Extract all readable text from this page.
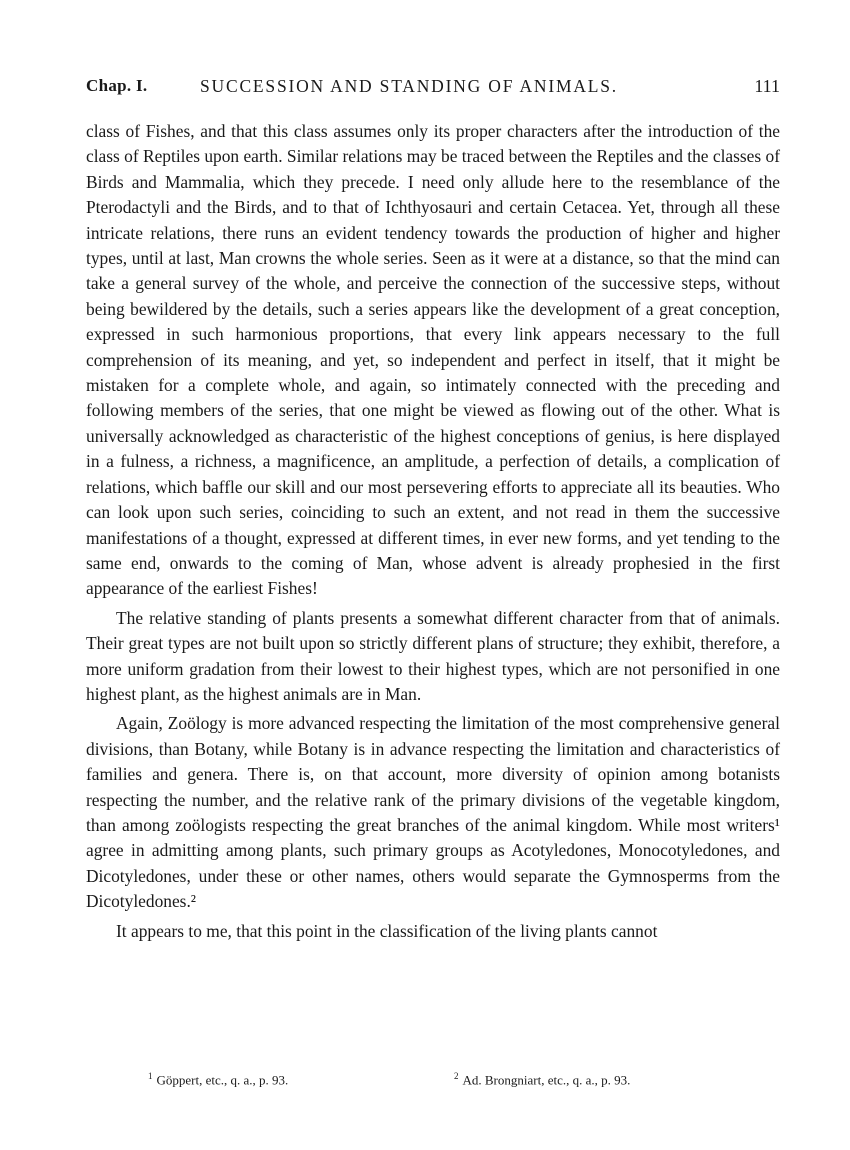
Chap. I.	SUCCESSION AND STANDING OF ANIMALS.	111

class of Fishes, and that this class assumes only its proper characters after the introduction of the class of Reptiles upon earth. Similar relations may be traced between the Reptiles and the classes of Birds and Mammalia, which they precede. I need only allude here to the resemblance of the Pterodactyli and the Birds, and to that of Ichthyosauri and certain Cetacea. Yet, through all these intricate relations, there runs an evident tendency towards the production of higher and higher types, until at last, Man crowns the whole series. Seen as it were at a distance, so that the mind can take a general survey of the whole, and perceive the connection of the successive steps, without being bewildered by the details, such a series appears like the development of a great conception, expressed in such harmonious proportions, that every link appears necessary to the full comprehension of its meaning, and yet, so independent and perfect in itself, that it might be mistaken for a complete whole, and again, so intimately connected with the preceding and following members of the series, that one might be viewed as flowing out of the other. What is universally acknowledged as characteristic of the highest conceptions of genius, is here displayed in a fulness, a richness, a magnificence, an amplitude, a perfection of details, a complication of relations, which baffle our skill and our most persevering efforts to appreciate all its beauties. Who can look upon such series, coinciding to such an extent, and not read in them the successive manifestations of a thought, expressed at different times, in ever new forms, and yet tending to the same end, onwards to the coming of Man, whose advent is already prophesied in the first appearance of the earliest Fishes!

The relative standing of plants presents a somewhat different character from that of animals. Their great types are not built upon so strictly different plans of structure; they exhibit, therefore, a more uniform gradation from their lowest to their highest types, which are not personified in one highest plant, as the highest animals are in Man.

Again, Zoölogy is more advanced respecting the limitation of the most comprehensive general divisions, than Botany, while Botany is in advance respecting the limitation and characteristics of families and genera. There is, on that account, more diversity of opinion among botanists respecting the number, and the relative rank of the primary divisions of the vegetable kingdom, than among zoölogists respecting the great branches of the animal kingdom. While most writers¹ agree in admitting among plants, such primary groups as Acotyledones, Monocotyledones, and Dicotyledones, under these or other names, others would separate the Gymnosperms from the Dicotyledones.²

It appears to me, that this point in the classification of the living plants cannot

$^1$ Göppert, etc., q. a., p. 93.	$^2$ Ad. Brongniart, etc., q. a., p. 93.
